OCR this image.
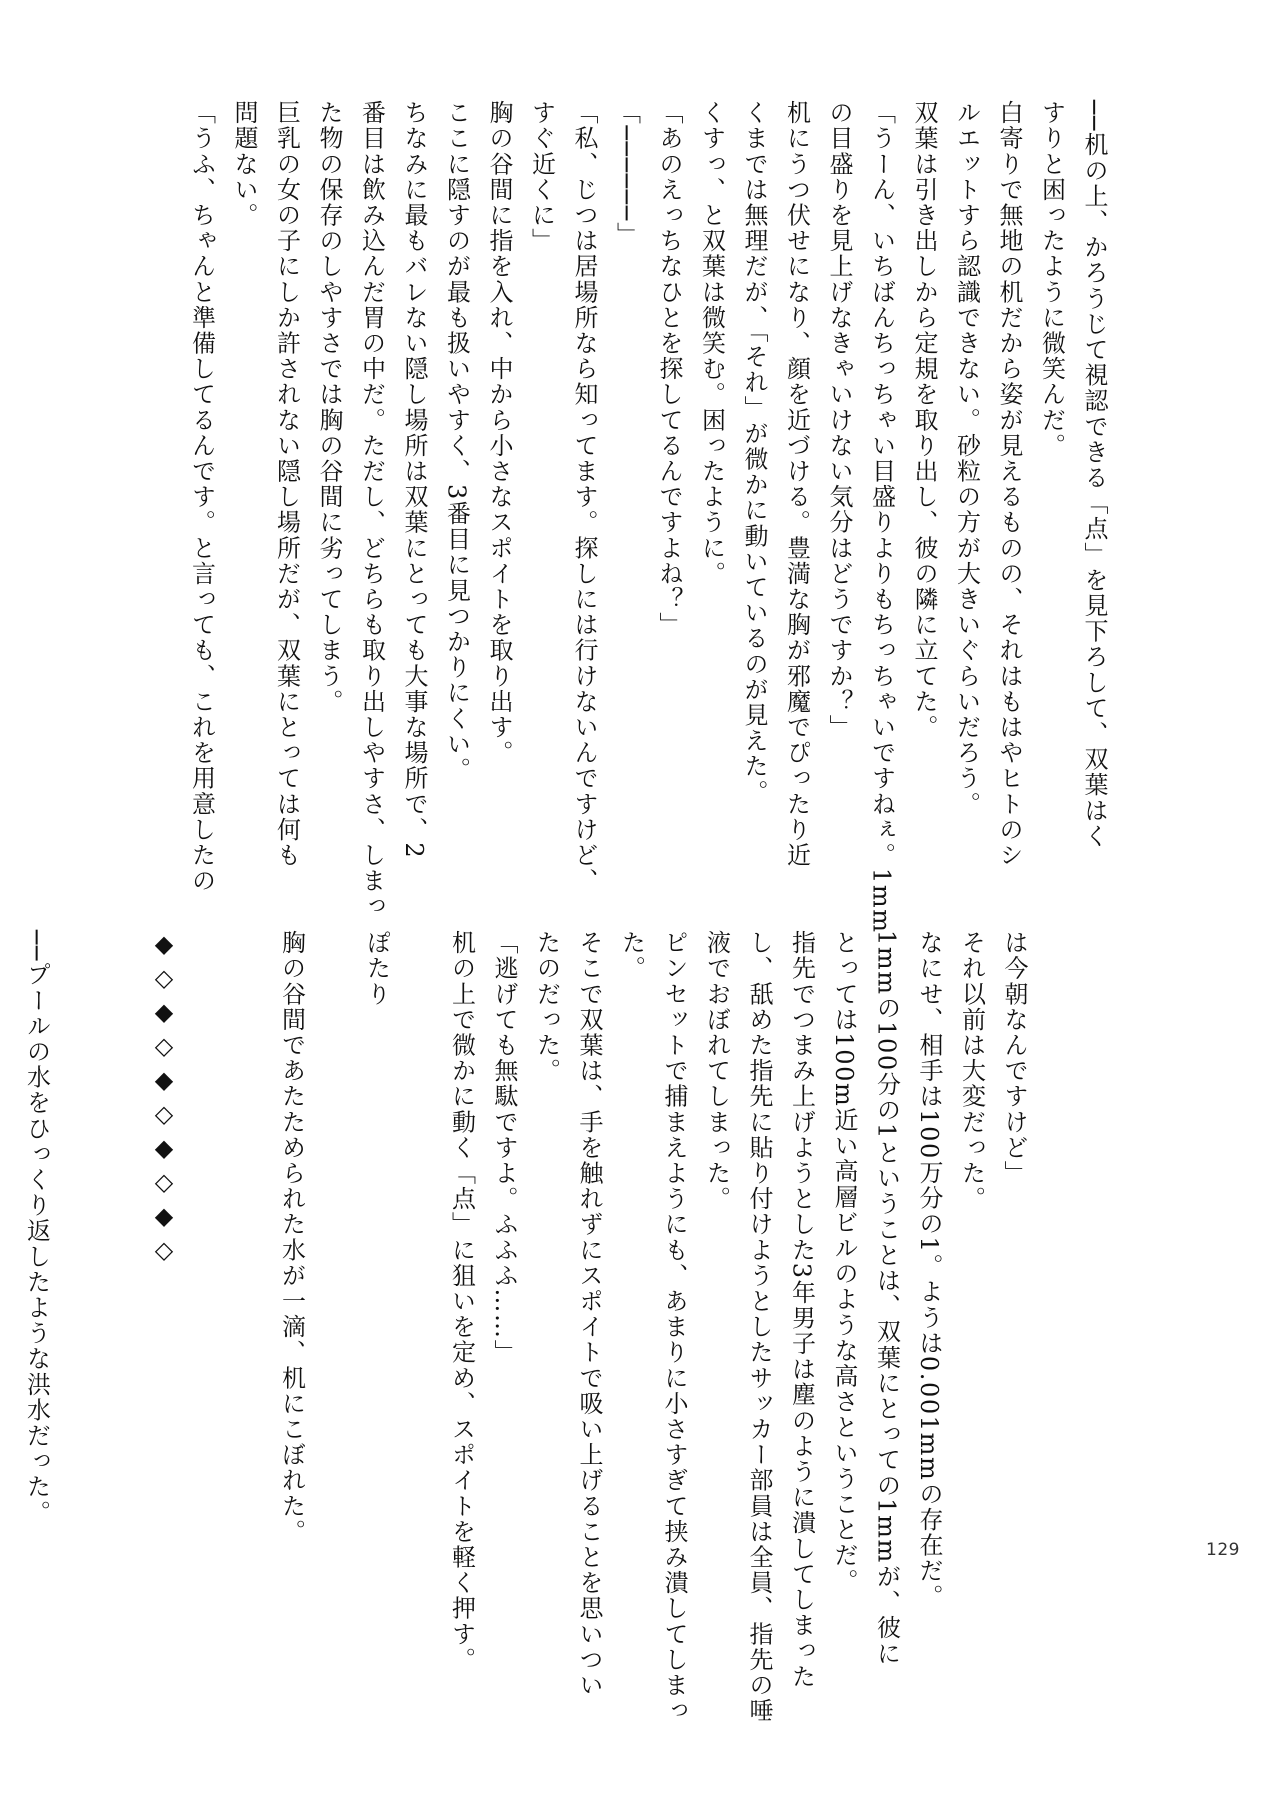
──机の上、かろうじて視認できる「点」を見下ろして、双葉はく
すりと困ったように微笑んだ。
白寄りで無地の机だから姿が見えるものの、それはもはやヒトのシ
ルエットすら認識できない。砂粒の方が大きいぐらいだろう。
双葉は引き出しから定規を取り出し、彼の隣に立てた。
「うーん、いちばんちっちゃい目盛りよりもちっちゃいですねぇ。1mm
の目盛りを見上げなきゃいけない気分はどうですか？」
机にうつ伏せになり、顔を近づける。豊満な胸が邪魔でぴったり近
くまでは無理だが、「それ」が微かに動いているのが見えた。
くすっ、と双葉は微笑む。困ったように。
「あのえっちなひとを探してるんですよね？」
「──────」
「私、じつは居場所なら知ってます。探しには行けないんですけど、
すぐ近くに」
胸の谷間に指を入れ、中から小さなスポイトを取り出す。
ここに隠すのが最も扱いやすく、3番目に見つかりにくい。
ちなみに最もバレない隠し場所は双葉にとっても大事な場所で、2
番目は飲み込んだ胃の中だ。ただし、どちらも取り出しやすさ、しまっ
た物の保存のしやすさでは胸の谷間に劣ってしまう。
巨乳の女の子にしか許されない隠し場所だが、双葉にとっては何も
問題ない。
「うふ、ちゃんと準備してるんです。と言っても、これを用意したの
は今朝なんですけど」
それ以前は大変だった。
なにせ、相手は100万分の1。ようは0.001mmの存在だ。
1mmの100分の1ということは、双葉にとっての1mmが、彼に
とっては100m近い高層ビルのような高さということだ。
指先でつまみ上げようとした3年男子は塵のように潰してしまった
し、舐めた指先に貼り付けようとしたサッカー部員は全員、指先の唾
液でおぼれてしまった。
ピンセットで捕まえようにも、あまりに小さすぎて挟み潰してしまっ
た。
そこで双葉は、手を触れずにスポイトで吸い上げることを思いつい
たのだった。
「逃げても無駄ですよ。ふふふ……」
机の上で微かに動く「点」に狙いを定め、スポイトを軽く押す。
ぽたり
胸の谷間であたためられた水が一滴、机にこぼれた。
◆◇◆◇◆◇◆◇◆◇
──プールの水をひっくり返したような洪水だった。
129
